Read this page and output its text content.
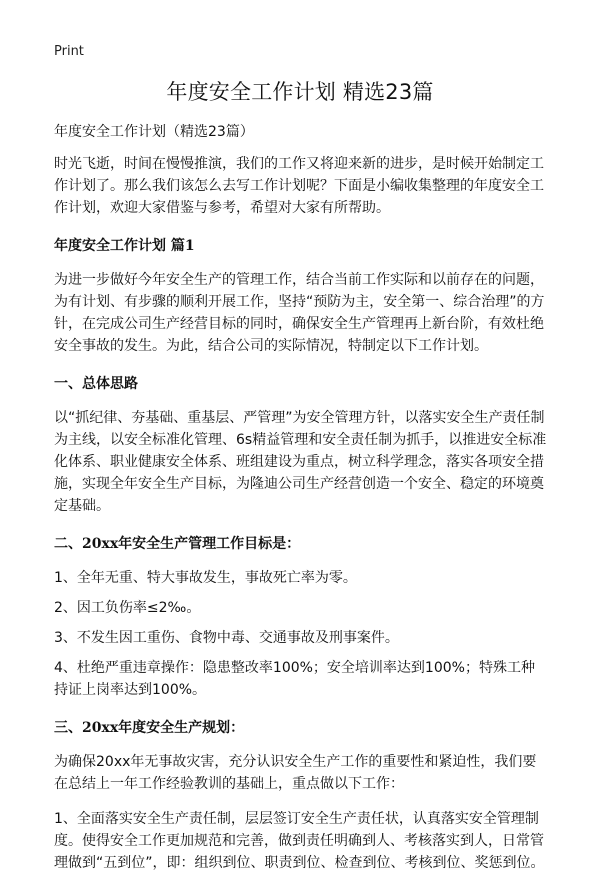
Print
年度安全工作计划 精选23篇

年度安全工作计划（精选23篇）

时光飞逝，时间在慢慢推演，我们的工作又将迎来新的进步，是时候开始制定工作计划了。那么我们该怎么去写工作计划呢？下面是小编收集整理的年度安全工作计划，欢迎大家借鉴与参考，希望对大家有所帮助。

年度安全工作计划 篇1

为进一步做好今年安全生产的管理工作，结合当前工作实际和以前存在的问题，为有计划、有步骤的顺利开展工作，坚持“预防为主，安全第一、综合治理”的方针，在完成公司生产经营目标的同时，确保安全生产管理再上新台阶，有效杜绝安全事故的发生。为此，结合公司的实际情况，特制定以下工作计划。

一、总体思路

以“抓纪律、夯基础、重基层、严管理”为安全管理方针，以落实安全生产责任制为主线，以安全标准化管理、6s精益管理和安全责任制为抓手，以推进安全标准化体系、职业健康安全体系、班组建设为重点，树立科学理念，落实各项安全措施，实现全年安全生产目标，为隆迪公司生产经营创造一个安全、稳定的环境奠定基础。

二、20xx年安全生产管理工作目标是：

1、全年无重、特大事故发生，事故死亡率为零。

2、因工负伤率≤2‰。

3、不发生因工重伤、食物中毒、交通事故及刑事案件。

4、杜绝严重违章操作：隐患整改率100%；安全培训率达到100%；特殊工种持证上岗率达到100%。

三、20xx年度安全生产规划：

为确保20xx年无事故灾害，充分认识安全生产工作的重要性和紧迫性，我们要在总结上一年工作经验教训的基础上，重点做以下工作：

1、全面落实安全生产责任制，层层签订安全生产责任状，认真落实安全管理制度。使得安全工作更加规范和完善，做到责任明确到人、考核落实到人，日常管理做到“五到位”，即：组织到位、职责到位、检查到位、考核到位、奖惩到位。
